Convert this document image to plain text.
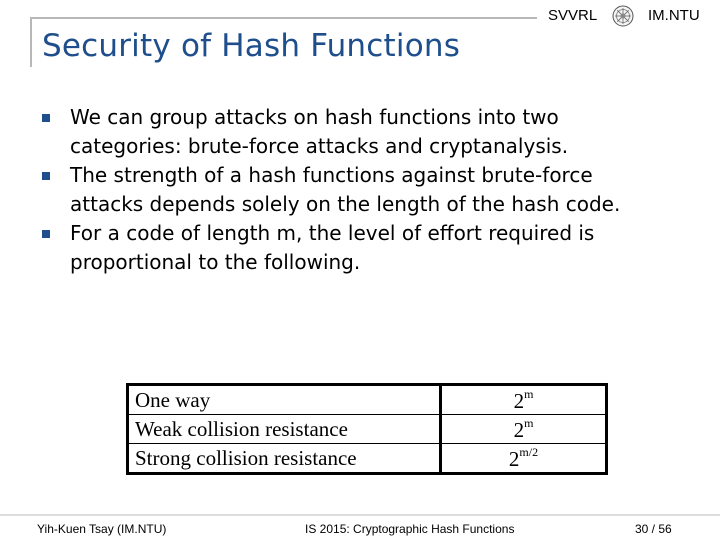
SVVRL	IM.NTU
Security of Hash Functions
We can group attacks on hash functions into two
categories: brute-force attacks and cryptanalysis.
The strength of a hash functions against brute-force
attacks depends solely on the length of the hash code.
For a code of length m, the level of effort required is
proportional to the following.
One way	2$^m$
Weak collision resistance	2$^m$
Strong collision resistance	$2^{m/2}$
Yih-Kuen Tsay (IM.NTU)	IS 2015: Cryptographic Hash Functions	30 / 56
